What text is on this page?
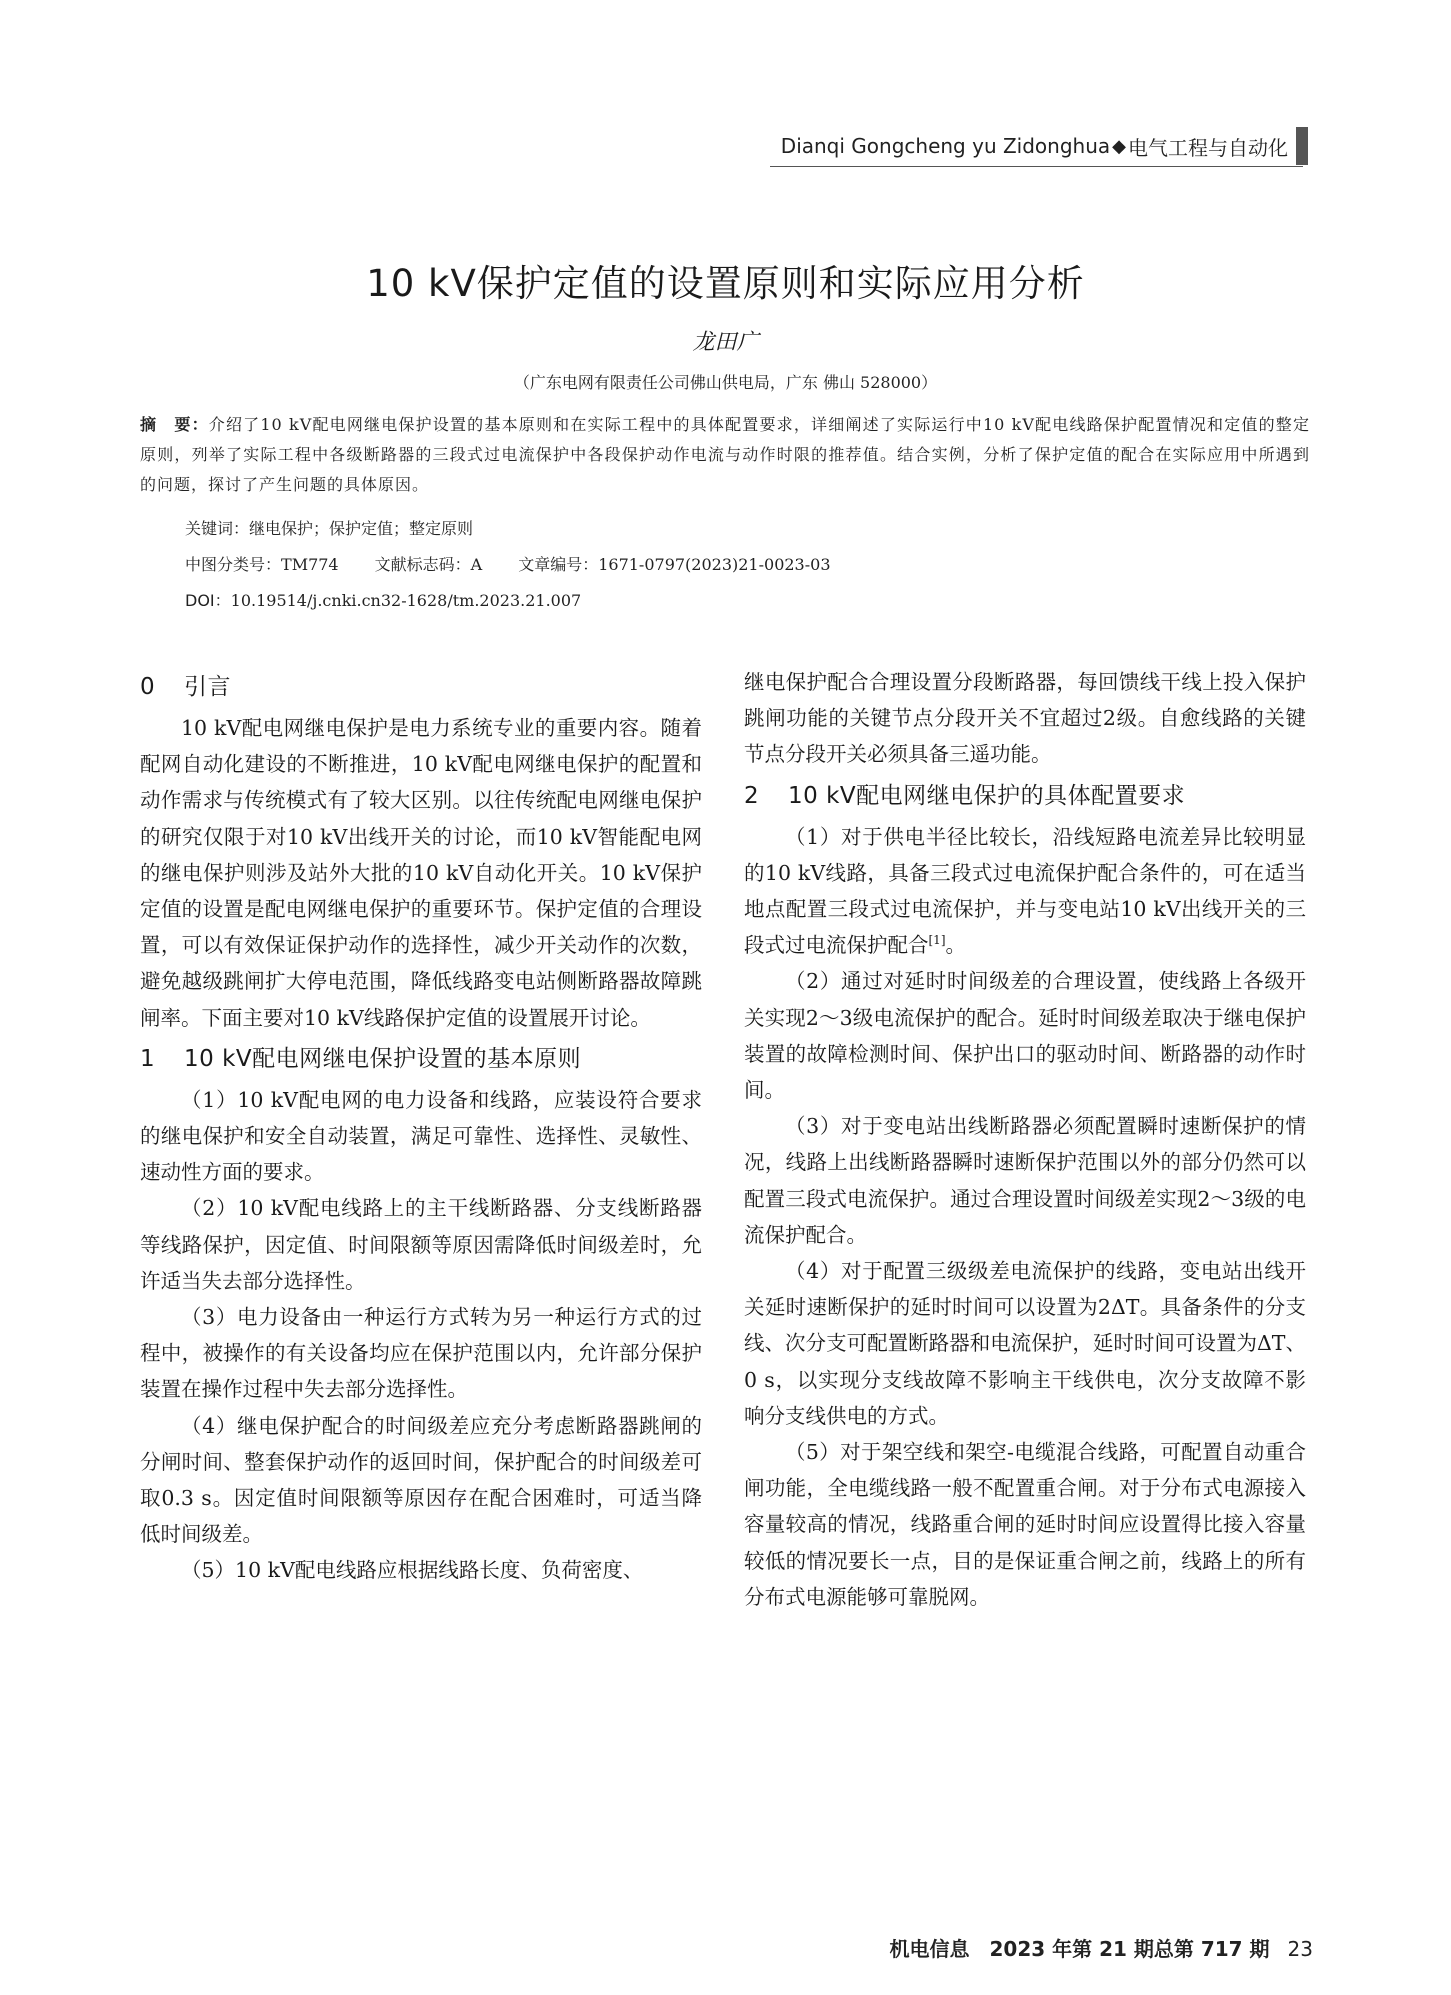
Dianqi Gongcheng yu Zidonghua ◆ 电气工程与自动化
10 kV保护定值的设置原则和实际应用分析
龙田广
（广东电网有限责任公司佛山供电局，广东 佛山 528000）
摘　要：介绍了10 kV配电网继电保护设置的基本原则和在实际工程中的具体配置要求，详细阐述了实际运行中10 kV配电线路保护配置情况和定值的整定原则，列举了实际工程中各级断路器的三段式过电流保护中各段保护动作电流与动作时限的推荐值。结合实例，分析了保护定值的配合在实际应用中所遇到的问题，探讨了产生问题的具体原因。
关键词：继电保护；保护定值；整定原则
中图分类号：TM774 文献标志码：A 文章编号：1671-0797(2023)21-0023-03
DOI：10.19514/j.cnki.cn32-1628/tm.2023.21.007
0 引言

10 kV配电网继电保护是电力系统专业的重要内容。随着配网自动化建设的不断推进，10 kV配电网继电保护的配置和动作需求与传统模式有了较大区别。以往传统配电网继电保护的研究仅限于对10 kV出线开关的讨论，而10 kV智能配电网的继电保护则涉及站外大批的10 kV自动化开关。10 kV保护定值的设置是配电网继电保护的重要环节。保护定值的合理设置，可以有效保证保护动作的选择性，减少开关动作的次数，避免越级跳闸扩大停电范围，降低线路变电站侧断路器故障跳闸率。下面主要对10 kV线路保护定值的设置展开讨论。

1 10 kV配电网继电保护设置的基本原则

（1）10 kV配电网的电力设备和线路，应装设符合要求的继电保护和安全自动装置，满足可靠性、选择性、灵敏性、速动性方面的要求。

（2）10 kV配电线路上的主干线断路器、分支线断路器等线路保护，因定值、时间限额等原因需降低时间级差时，允许适当失去部分选择性。

（3）电力设备由一种运行方式转为另一种运行方式的过程中，被操作的有关设备均应在保护范围以内，允许部分保护装置在操作过程中失去部分选择性。

（4）继电保护配合的时间级差应充分考虑断路器跳闸的分闸时间、整套保护动作的返回时间，保护配合的时间级差可取0.3 s。因定值时间限额等原因存在配合困难时，可适当降低时间级差。

（5）10 kV配电线路应根据线路长度、负荷密度、

继电保护配合合理设置分段断路器，每回馈线干线上投入保护跳闸功能的关键节点分段开关不宜超过2级。自愈线路的关键节点分段开关必须具备三遥功能。

2 10 kV配电网继电保护的具体配置要求

（1）对于供电半径比较长，沿线短路电流差异比较明显的10 kV线路，具备三段式过电流保护配合条件的，可在适当地点配置三段式过电流保护，并与变电站10 kV出线开关的三段式过电流保护配合[1]。

（2）通过对延时时间级差的合理设置，使线路上各级开关实现2～3级电流保护的配合。延时时间级差取决于继电保护装置的故障检测时间、保护出口的驱动时间、断路器的动作时间。

（3）对于变电站出线断路器必须配置瞬时速断保护的情况，线路上出线断路器瞬时速断保护范围以外的部分仍然可以配置三段式电流保护。通过合理设置时间级差实现2～3级的电流保护配合。

（4）对于配置三级级差电流保护的线路，变电站出线开关延时速断保护的延时时间可以设置为2ΔT。具备条件的分支线、次分支可配置断路器和电流保护，延时时间可设置为ΔT、0 s，以实现分支线故障不影响主干线供电，次分支故障不影响分支线供电的方式。

（5）对于架空线和架空-电缆混合线路，可配置自动重合闸功能，全电缆线路一般不配置重合闸。对于分布式电源接入容量较高的情况，线路重合闸的延时时间应设置得比接入容量较低的情况要长一点，目的是保证重合闸之前，线路上的所有分布式电源能够可靠脱网。

机电信息　2023 年第 21 期总第 717 期 23
